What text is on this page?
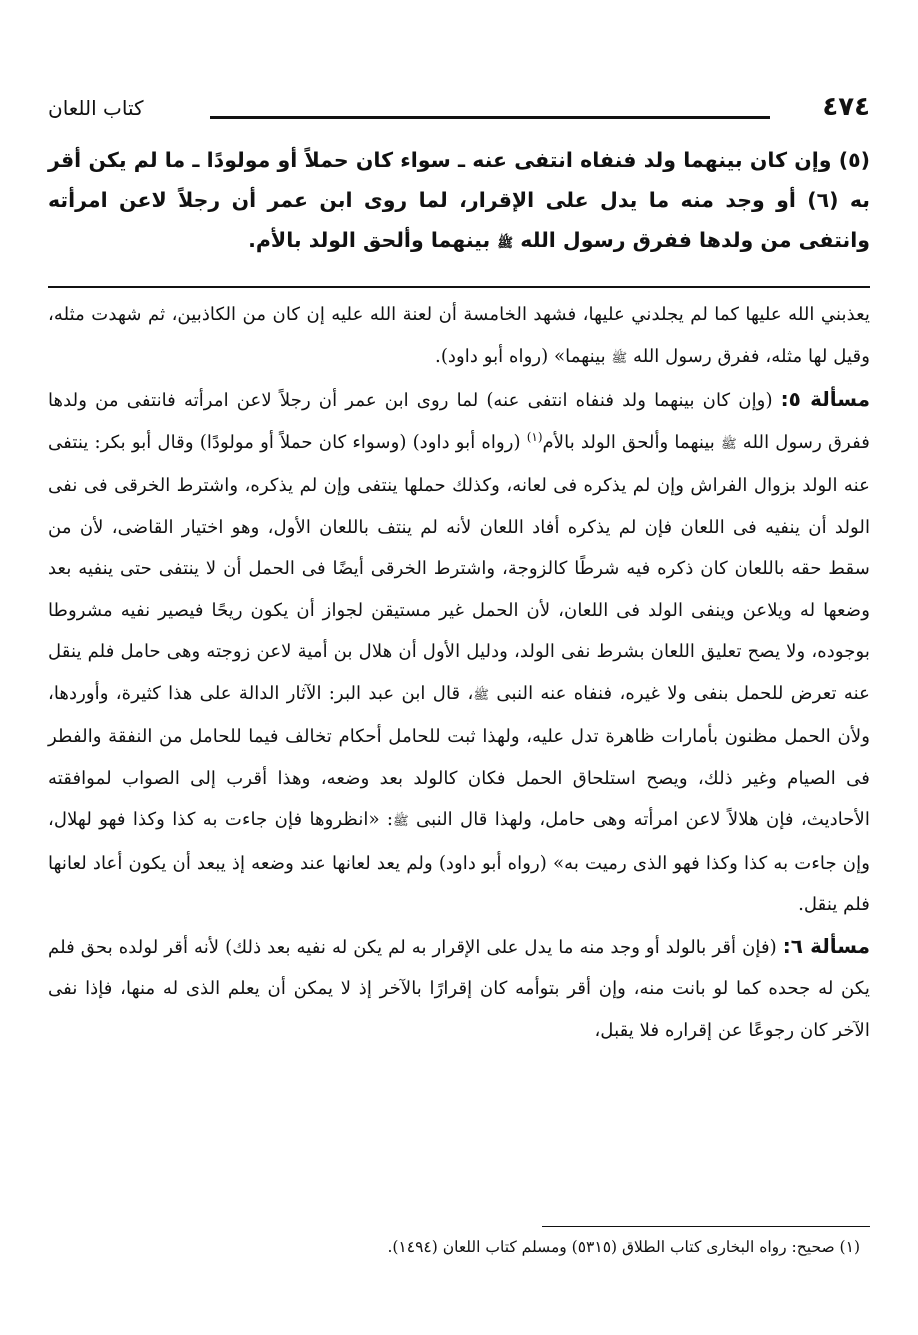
٤٧٤
كتاب اللعان
(٥) وإن كان بينهما ولد فنفاه انتفى عنه ـ سواء كان حملاً أو مولودًا ـ ما لم يكن أقر به (٦) أو وجد منه ما يدل على الإقرار، لما روى ابن عمر أن رجلاً لاعن امرأته وانتفى من ولدها ففرق رسول الله ﷺ بينهما وألحق الولد بالأم.

يعذبني الله عليها كما لم يجلدني عليها، فشهد الخامسة أن لعنة الله عليه إن كان من الكاذبين، ثم شهدت مثله، وقيل لها مثله، ففرق رسول الله ﷺ بينهما» (رواه أبو داود).

مسألة ٥: (وإن كان بينهما ولد فنفاه انتفى عنه) لما روى ابن عمر أن رجلاً لاعن امرأته فانتفى من ولدها ففرق رسول الله ﷺ بينهما وألحق الولد بالأم$^{(١)}$ (رواه أبو داود) (وسواء كان حملاً أو مولودًا) وقال أبو بكر: ينتفى عنه الولد بزوال الفراش وإن لم يذكره فى لعانه، وكذلك حملها ينتفى وإن لم يذكره، واشترط الخرقى فى نفى الولد أن ينفيه فى اللعان فإن لم يذكره أفاد اللعان لأنه لم ينتف باللعان الأول، وهو اختيار القاضى، لأن من سقط حقه باللعان كان ذكره فيه شرطًا كالزوجة، واشترط الخرقى أيضًا فى الحمل أن لا ينتفى حتى ينفيه بعد وضعها له ويلاعن وينفى الولد فى اللعان، لأن الحمل غير مستيقن لجواز أن يكون ريحًا فيصير نفيه مشروطا بوجوده، ولا يصح تعليق اللعان بشرط نفى الولد، ودليل الأول أن هلال بن أمية لاعن زوجته وهى حامل فلم ينقل عنه تعرض للحمل بنفى ولا غيره، فنفاه عنه النبى ﷺ، قال ابن عبد البر: الآثار الدالة على هذا كثيرة، وأوردها، ولأن الحمل مظنون بأمارات ظاهرة تدل عليه، ولهذا ثبت للحامل أحكام تخالف فيما للحامل من النفقة والفطر فى الصيام وغير ذلك، ويصح استلحاق الحمل فكان كالولد بعد وضعه، وهذا أقرب إلى الصواب لموافقته الأحاديث، فإن هلالاً لاعن امرأته وهى حامل، ولهذا قال النبى ﷺ: «انظروها فإن جاءت به كذا وكذا فهو لهلال، وإن جاءت به كذا وكذا فهو الذى رميت به» (رواه أبو داود) ولم يعد لعانها عند وضعه إذ يبعد أن يكون أعاد لعانها فلم ينقل.

مسألة ٦: (فإن أقر بالولد أو وجد منه ما يدل على الإقرار به لم يكن له نفيه بعد ذلك) لأنه أقر لولده بحق فلم يكن له جحده كما لو بانت منه، وإن أقر بتوأمه كان إقرارًا بالآخر إذ لا يمكن أن يعلم الذى له منها، فإذا نفى الآخر كان رجوعًا عن إقراره فلا يقبل،

(١) صحيح: رواه البخارى كتاب الطلاق (٥٣١٥) ومسلم كتاب اللعان (١٤٩٤).
